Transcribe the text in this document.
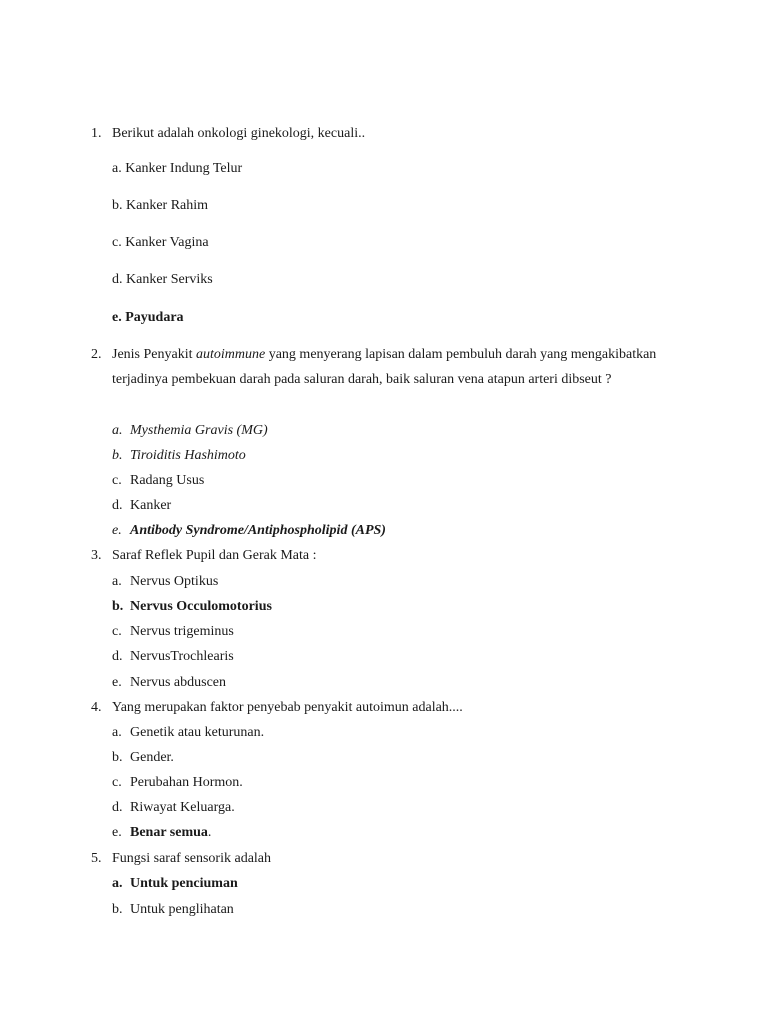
1. Berikut adalah onkologi ginekologi, kecuali..
a. Kanker Indung Telur
b. Kanker Rahim
c. Kanker Vagina
d. Kanker Serviks
e. Payudara
2. Jenis Penyakit autoimmune yang menyerang lapisan dalam pembuluh darah yang mengakibatkan terjadinya pembekuan darah pada saluran darah, baik saluran vena atapun arteri dibseut ?
a. Mysthemia Gravis (MG)
b. Tiroiditis Hashimoto
c. Radang Usus
d. Kanker
e. Antibody Syndrome/Antiphospholipid (APS)
3. Saraf Reflek Pupil dan Gerak Mata :
a. Nervus Optikus
b. Nervus Occulomotorius
c. Nervus trigeminus
d. NervusTrochlearis
e. Nervus abduscen
4. Yang merupakan faktor penyebab penyakit autoimun adalah....
a. Genetik atau keturunan.
b. Gender.
c. Perubahan Hormon.
d. Riwayat Keluarga.
e. Benar semua.
5. Fungsi saraf sensorik adalah
a. Untuk penciuman
b. Untuk penglihatan
